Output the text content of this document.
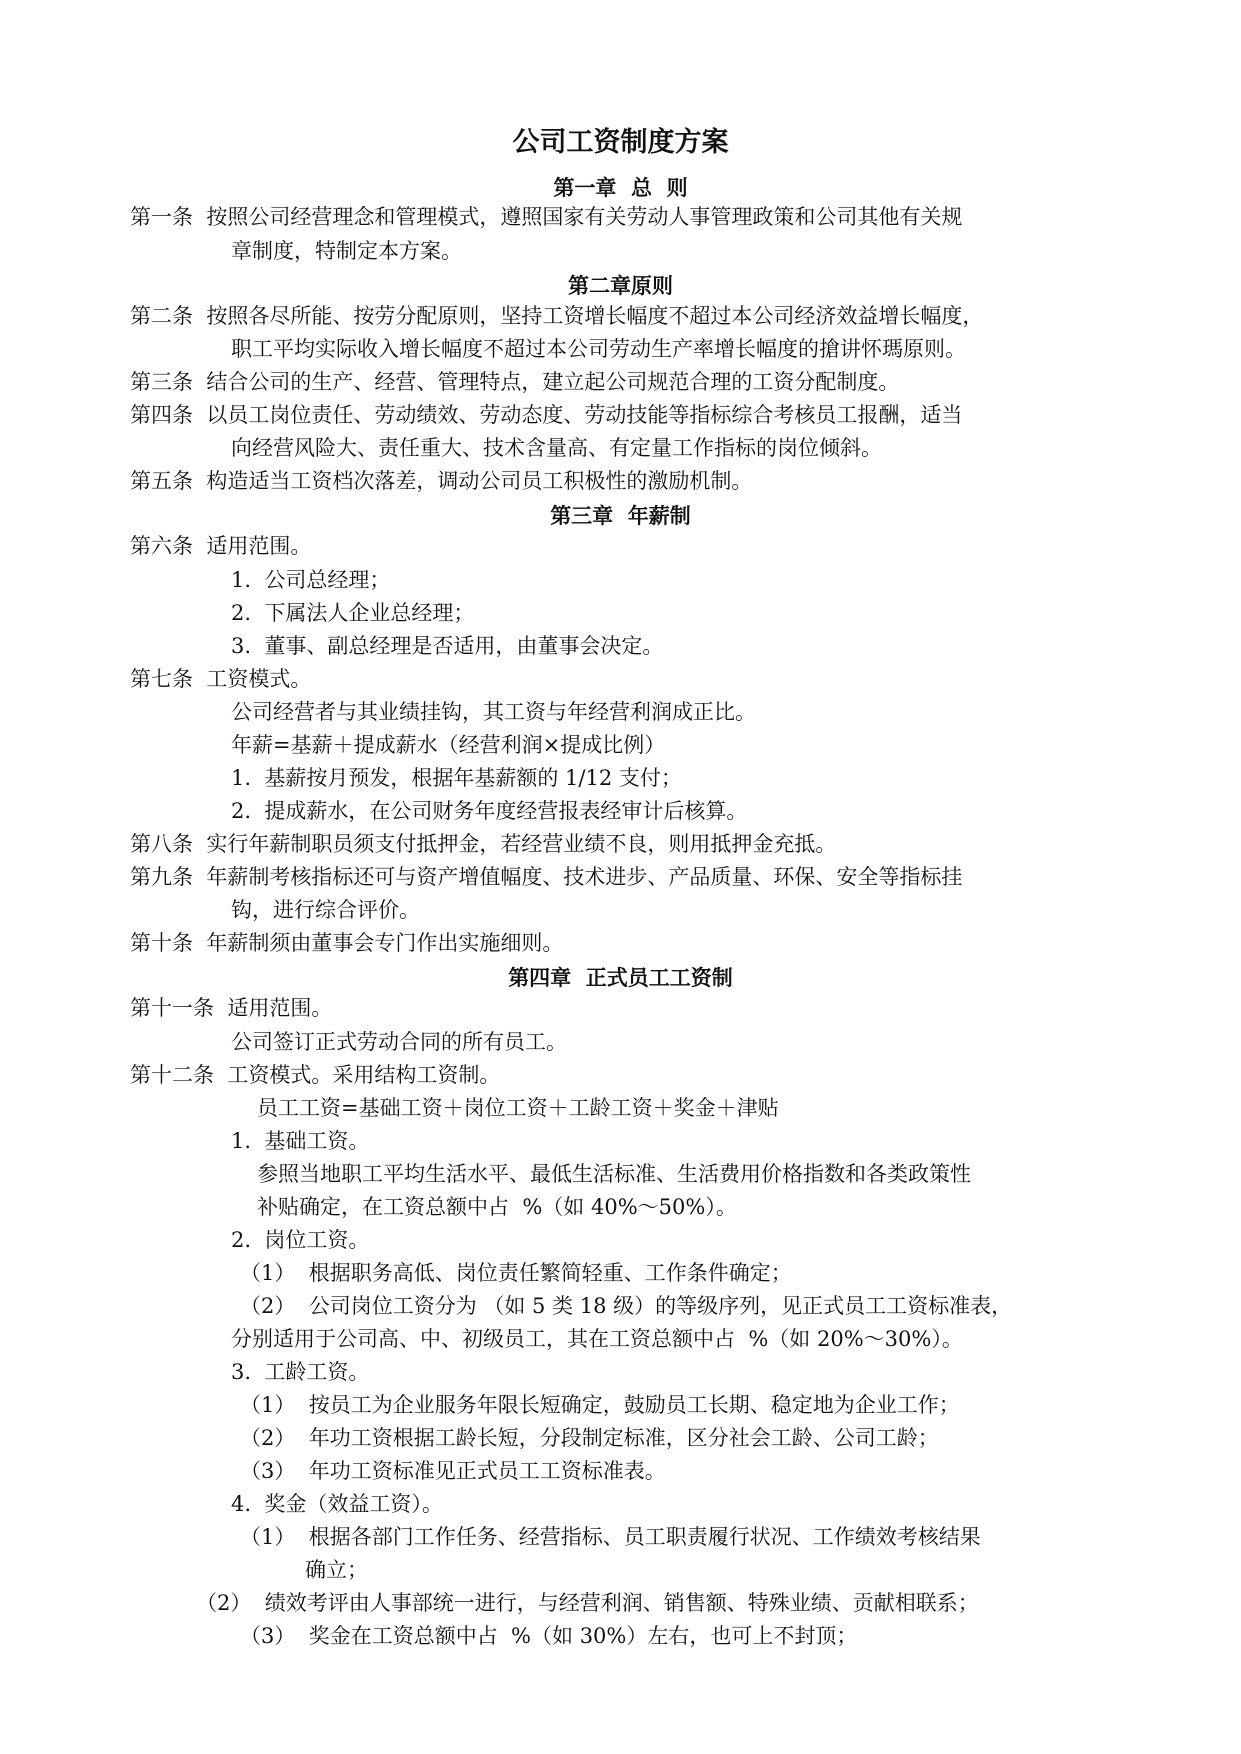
公司工资制度方案
第一章  总  则
第一条  按照公司经营理念和管理模式，遵照国家有关劳动人事管理政策和公司其他有关规
章制度，特制定本方案。
第二章原则
第二条  按照各尽所能、按劳分配原则，坚持工资增长幅度不超过本公司经济效益增长幅度，
职工平均实际收入增长幅度不超过本公司劳动生产率增长幅度的搶讲怀瑪原则。
第三条  结合公司的生产、经营、管理特点，建立起公司规范合理的工资分配制度。
第四条  以员工岗位责任、劳动绩效、劳动态度、劳动技能等指标综合考核员工报酬，适当
向经营风险大、责任重大、技术含量高、有定量工作指标的岗位倾斜。
第五条  构造适当工资档次落差，调动公司员工积极性的激励机制。
第三章  年薪制
第六条  适用范围。
1.  公司总经理；
2.  下属法人企业总经理；
3.  董事、副总经理是否适用，由董事会决定。
第七条  工资模式。
公司经营者与其业绩挂钩，其工资与年经营利润成正比。
年薪=基薪＋提成薪水（经营利润×提成比例）
1.  基薪按月预发，根据年基薪额的 1/12 支付；
2.  提成薪水，在公司财务年度经营报表经审计后核算。
第八条  实行年薪制职员须支付抵押金，若经营业绩不良，则用抵押金充抵。
第九条  年薪制考核指标还可与资产增值幅度、技术进步、产品质量、环保、安全等指标挂
钩，进行综合评价。
第十条  年薪制须由董事会专门作出实施细则。
第四章  正式员工工资制
第十一条  适用范围。
公司签订正式劳动合同的所有员工。
第十二条  工资模式。采用结构工资制。
员工工资=基础工资＋岗位工资＋工龄工资＋奖金＋津贴
1.  基础工资。
参照当地职工平均生活水平、最低生活标准、生活费用价格指数和各类政策性
补贴确定，在工资总额中占  %（如 40%～50%）。
2.  岗位工资。
（1）  根据职务高低、岗位责任繁简轻重、工作条件确定；
（2）  公司岗位工资分为 （如 5 类 18 级）的等级序列，见正式员工工资标准表，
分别适用于公司高、中、初级员工，其在工资总额中占  %（如 20%～30%）。
3.  工龄工资。
（1）  按员工为企业服务年限长短确定，鼓励员工长期、稳定地为企业工作；
（2）  年功工资根据工龄长短，分段制定标准，区分社会工龄、公司工龄；
（3）  年功工资标准见正式员工工资标准表。
4.  奖金（效益工资）。
（1）  根据各部门工作任务、经营指标、员工职责履行状况、工作绩效考核结果
确立；
（2）  绩效考评由人事部统一进行，与经营利润、销售额、特殊业绩、贡献相联系；
（3）  奖金在工资总额中占  %（如 30%）左右，也可上不封顶；
